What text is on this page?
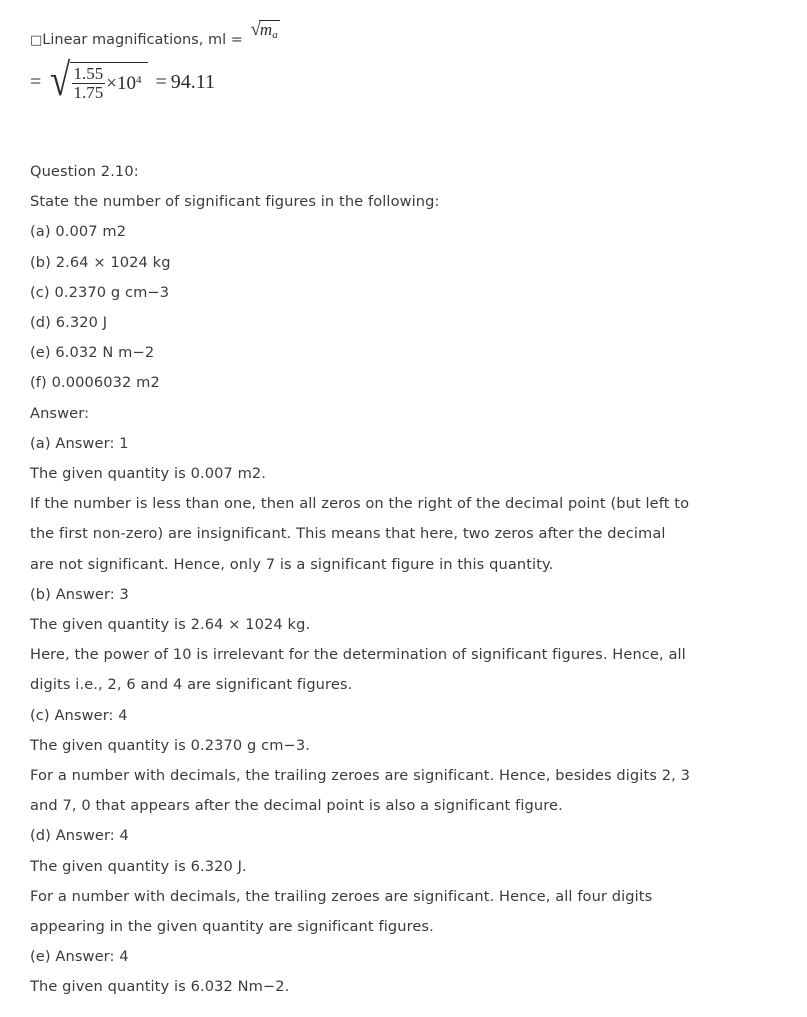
□Linear magnifications, ml = $√m_a$
= √ $\frac{1.55}{1.75} \times 10^4 = 94.11$
Question 2.10:
State the number of significant figures in the following:
(a) 0.007 m2
(b) 2.64 × 1024 kg
(c) 0.2370 g cm−3
(d) 6.320 J
(e) 6.032 N m−2
(f) 0.0006032 m2
Answer:
(a) Answer: 1
The given quantity is 0.007 m2.
If the number is less than one, then all zeros on the right of the decimal point (but left to
the first non-zero) are insignificant. This means that here, two zeros after the decimal
are not significant. Hence, only 7 is a significant figure in this quantity.
(b) Answer: 3
The given quantity is 2.64 × 1024 kg.
Here, the power of 10 is irrelevant for the determination of significant figures. Hence, all
digits i.e., 2, 6 and 4 are significant figures.
(c) Answer: 4
The given quantity is 0.2370 g cm−3.
For a number with decimals, the trailing zeroes are significant. Hence, besides digits 2, 3
and 7, 0 that appears after the decimal point is also a significant figure.
(d) Answer: 4
The given quantity is 6.320 J.
For a number with decimals, the trailing zeroes are significant. Hence, all four digits
appearing in the given quantity are significant figures.
(e) Answer: 4
The given quantity is 6.032 Nm−2.
